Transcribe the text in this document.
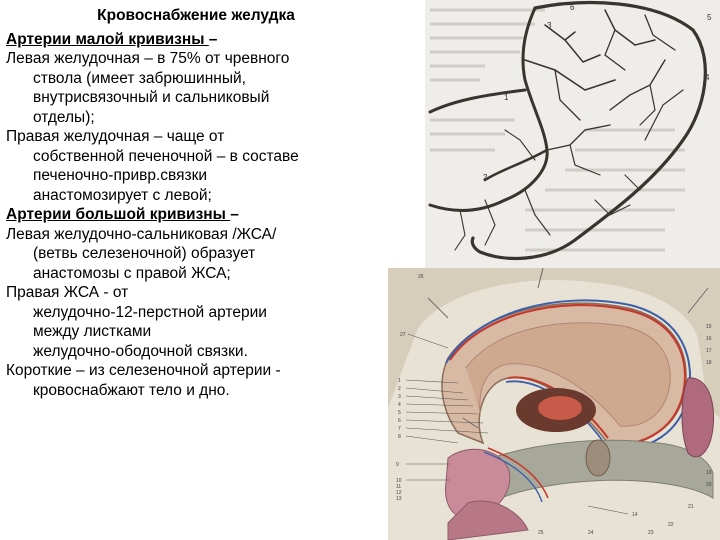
Кровоснабжение желудка
Артерии малой кривизны –
Левая желудочная – в 75% от чревного
ствола (имеет забрюшинный,
внутрисвязочный и сальниковый
отделы);
Правая желудочная – чаще от
собственной печеночной – в составе
печеночно-привр.связки
анастомозирует с левой;
Артерии большой кривизны –
Левая желудочно-сальниковая /ЖСА/
(ветвь селезеночной) образует
анастомозы с правой ЖСА;
Правая ЖСА - от
желудочно-12-перстной артерии
между листками
желудочно-ободочной связки.
Короткие – из селезеночной артерии -
кровоснабжают тело и дно.
1
2
3
4
5
6
27
1
2
3
4
5
6
7
8
9
10
11
12
13
14
15
16
17
18
19
20
21
22
23
24
25
26
